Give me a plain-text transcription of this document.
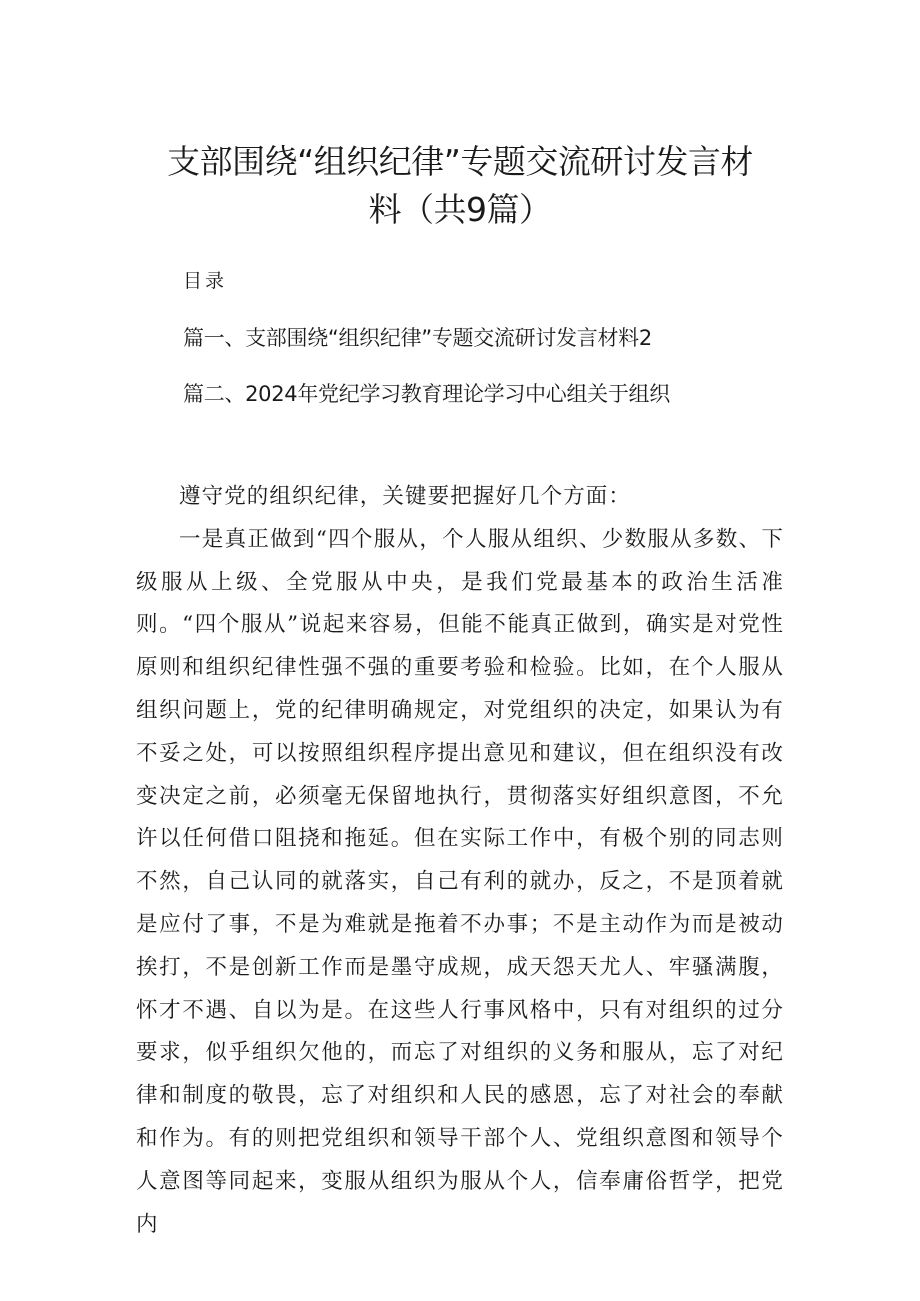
支部围绕“组织纪律”专题交流研讨发言材
料（共9篇）
目录
篇一、支部围绕“组织纪律”专题交流研讨发言材料2
篇二、2024年党纪学习教育理论学习中心组关于组织

遵守党的组织纪律，关键要把握好几个方面：

一是真正做到“四个服从，个人服从组织、少数服从多数、下级服从上级、全党服从中央，是我们党最基本的政治生活准则。“四个服从”说起来容易，但能不能真正做到，确实是对党性原则和组织纪律性强不强的重要考验和检验。比如，在个人服从组织问题上，党的纪律明确规定，对党组织的决定，如果认为有不妥之处，可以按照组织程序提出意见和建议，但在组织没有改变决定之前，必须毫无保留地执行，贯彻落实好组织意图，不允许以任何借口阻挠和拖延。但在实际工作中，有极个别的同志则不然，自己认同的就落实，自己有利的就办，反之，不是顶着就是应付了事，不是为难就是拖着不办事；不是主动作为而是被动挨打，不是创新工作而是墨守成规，成天怨天尤人、牢骚满腹，怀才不遇、自以为是。在这些人行事风格中，只有对组织的过分要求，似乎组织欠他的，而忘了对组织的义务和服从，忘了对纪律和制度的敬畏，忘了对组织和人民的感恩，忘了对社会的奉献和作为。有的则把党组织和领导干部个人、党组织意图和领导个人意图等同起来，变服从组织为服从个人，信奉庸俗哲学，把党内
